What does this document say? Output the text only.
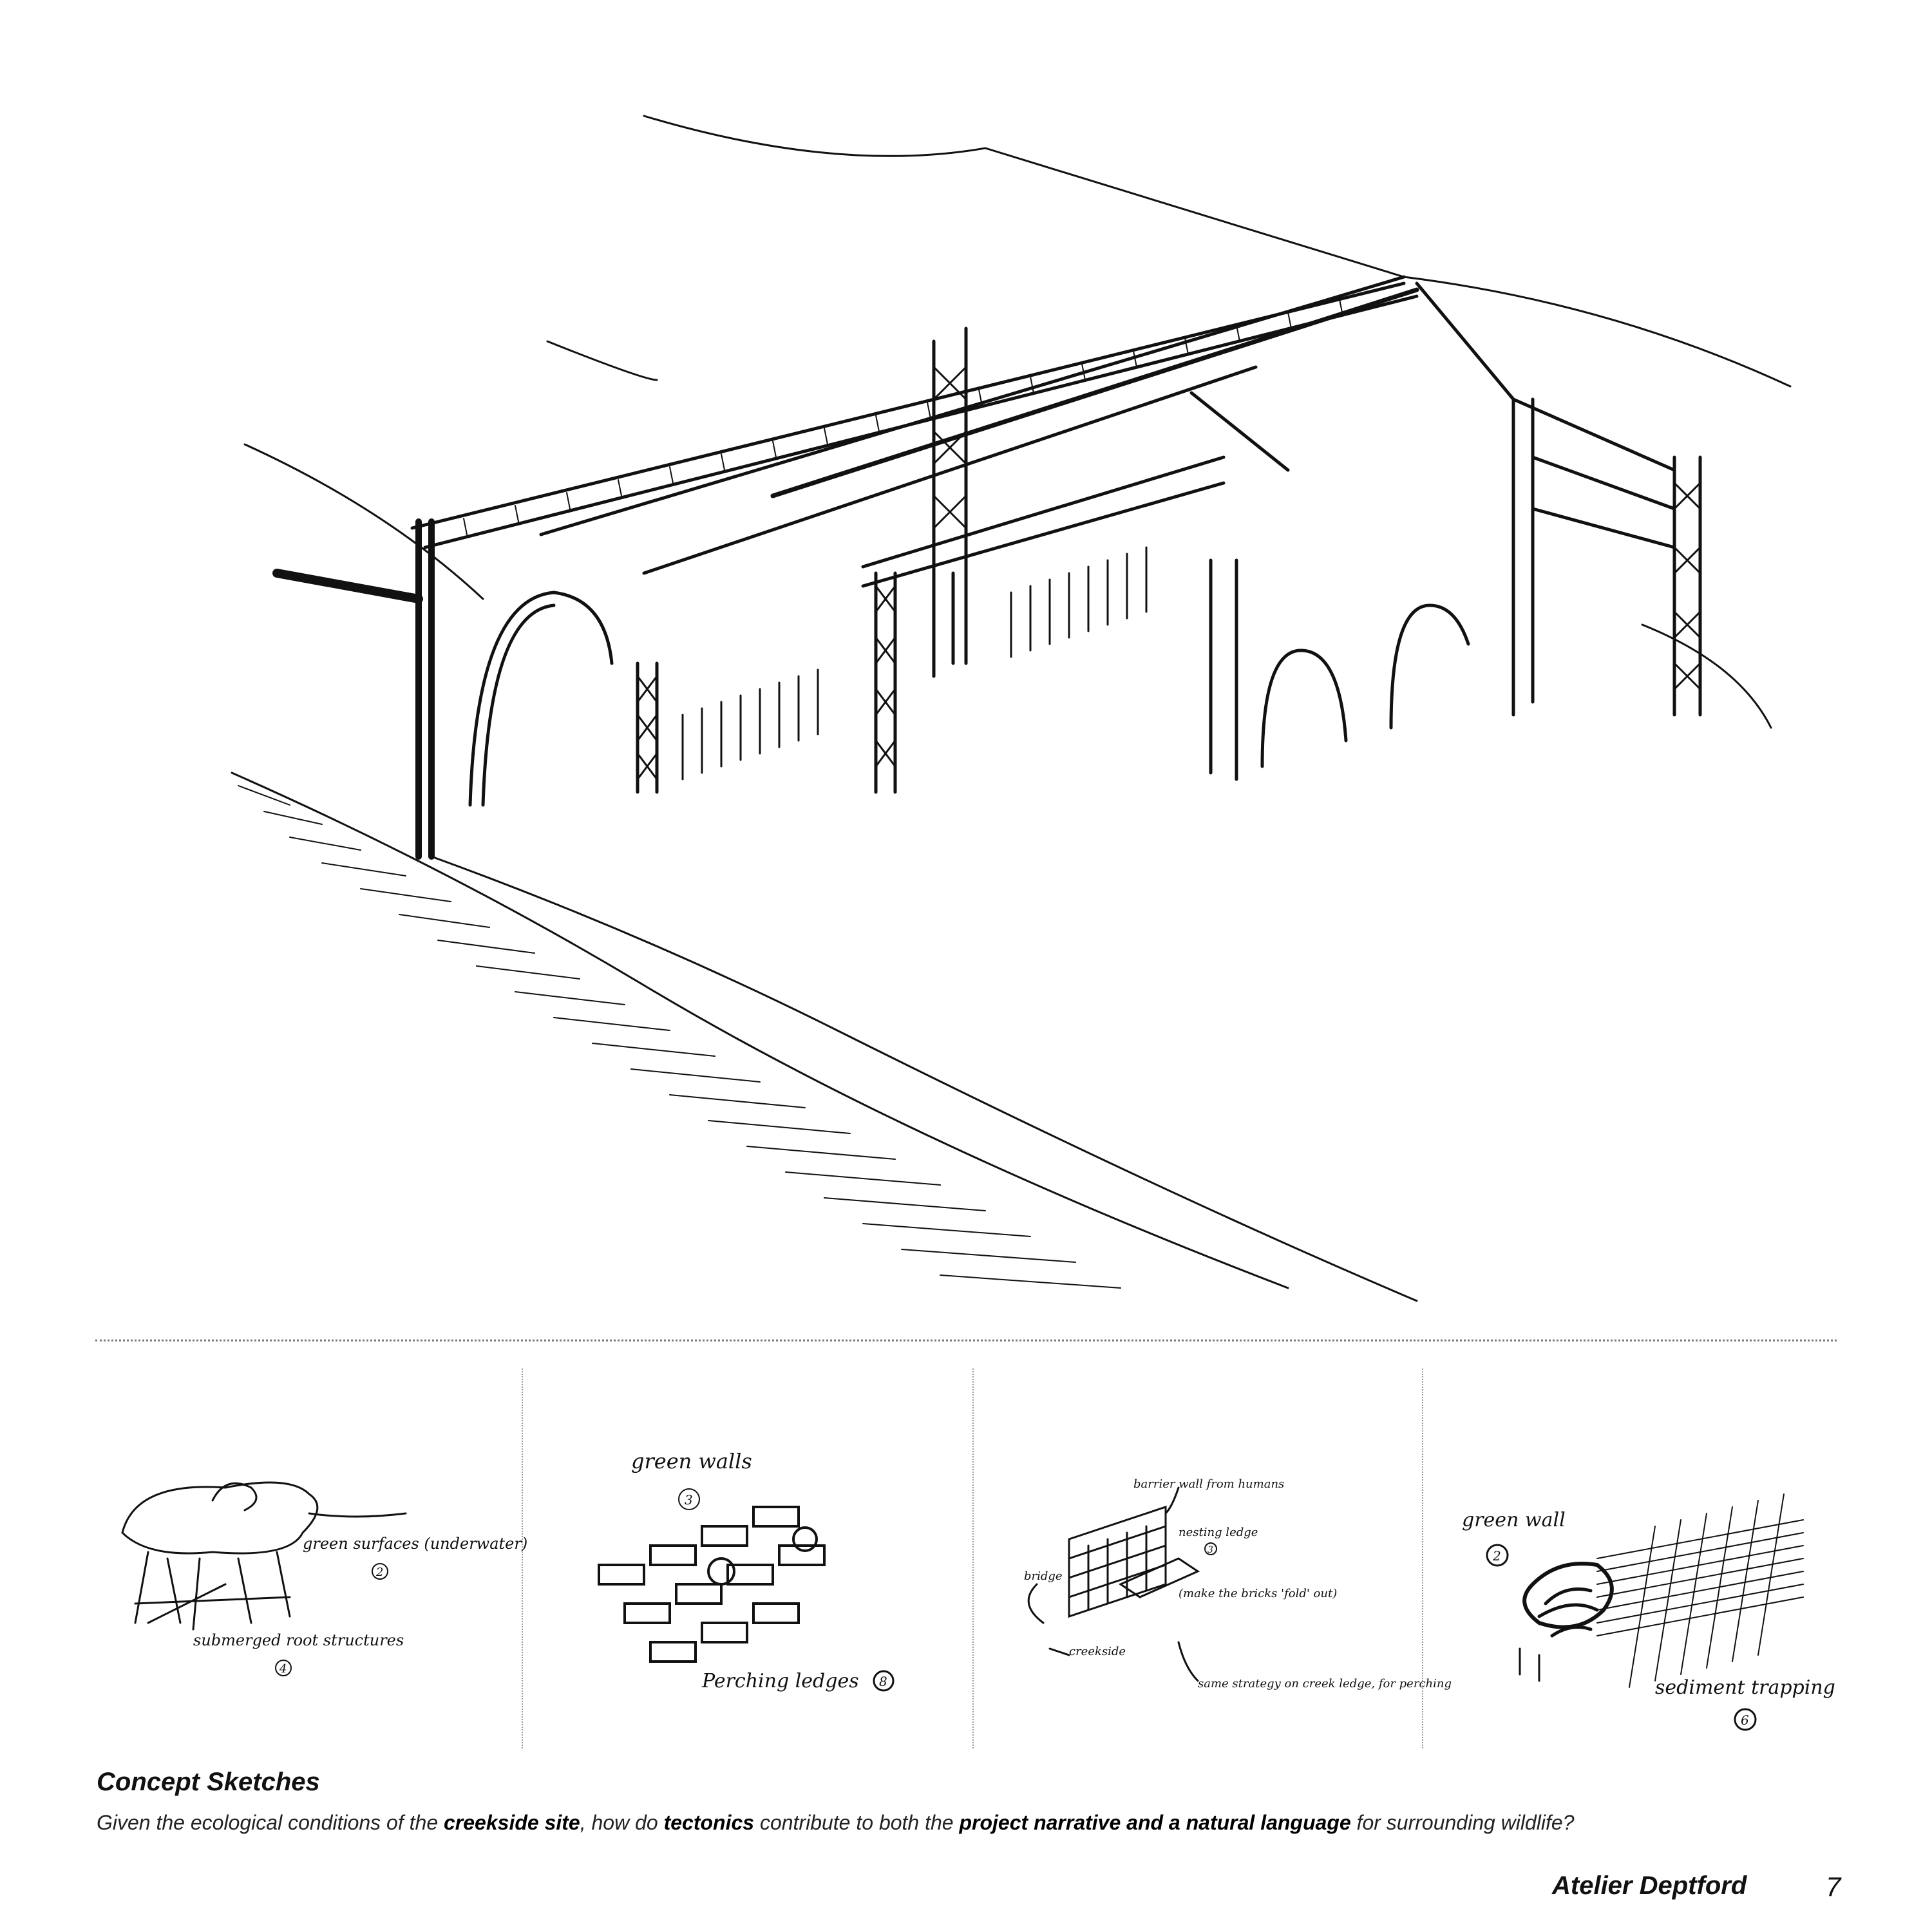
green surfaces (underwater)
2
submerged root structures
4
green walls
3
Perching ledges 8
barrier wall from humans
nesting ledge
3
bridge
creekside
(make the bricks 'fold' out)
same strategy on creek ledge, for perching
green wall
2
sediment trapping
6
Concept Sketches
Given the ecological conditions of the creekside site, how do tectonics contribute to both the project narrative and a natural language for surrounding wildlife?
Atelier Deptford	7
